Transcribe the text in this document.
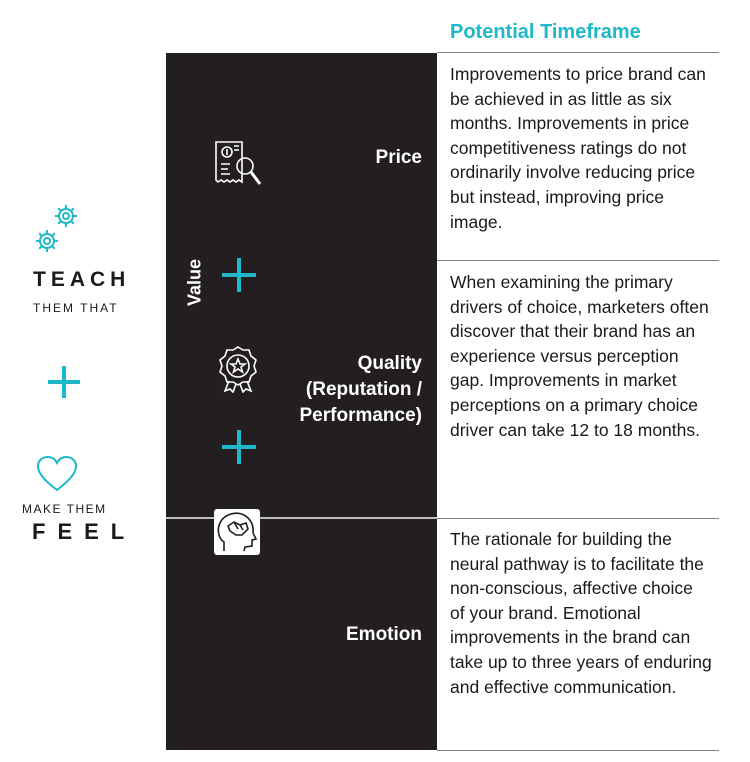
TEACH
THEM THAT
MAKE THEM
FEEL
Value
Price
Quality
(Reputation /
Performance)
Emotion
Potential Timeframe
Improvements to price brand can be achieved in as little as six months. Improvements in price competitiveness ratings do not ordinarily involve reducing price but instead, improving price image.
When examining the primary drivers of choice, marketers often discover that their brand has an experience versus perception gap. Improvements in market perceptions on a primary choice driver can take 12 to 18 months.
The rationale for building the neural pathway is to facilitate the non-conscious, affective choice of your brand. Emotional improvements in the brand can take up to three years of enduring and effective communication.
